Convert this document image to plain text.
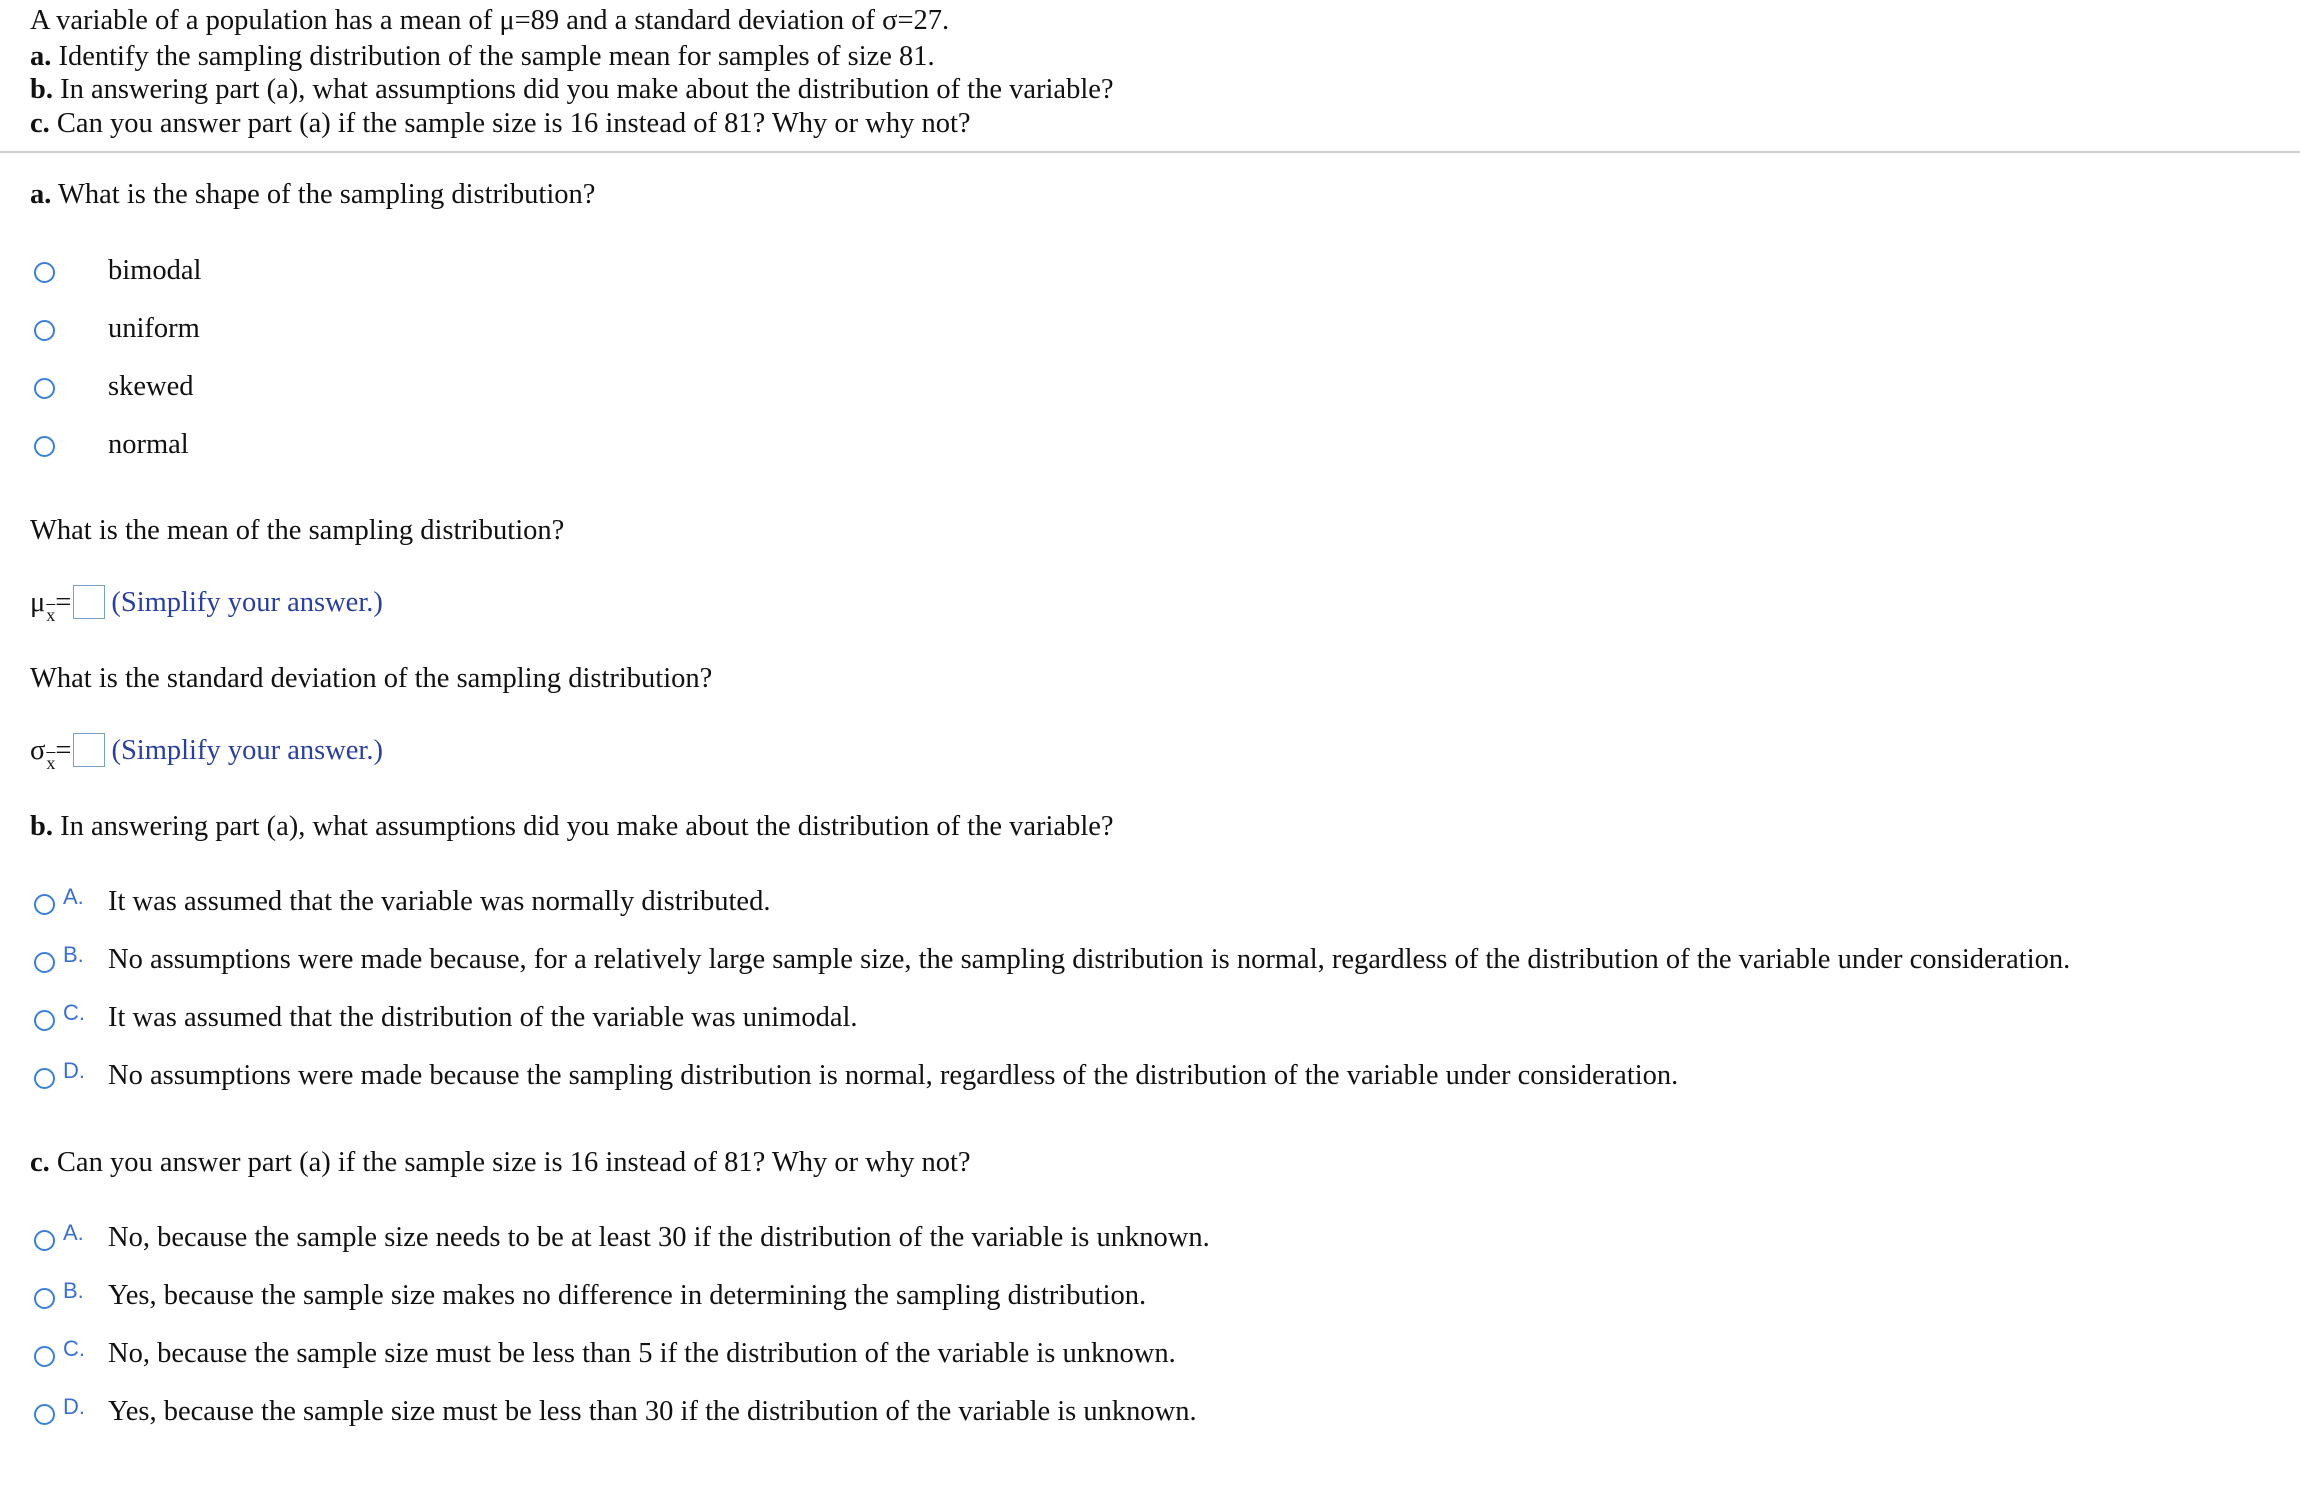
A variable of a population has a mean of μ=89 and a standard deviation of σ=27.
a. Identify the sampling distribution of the sample mean for samples of size 81.
b. In answering part (a), what assumptions did you make about the distribution of the variable?
c. Can you answer part (a) if the sample size is 16 instead of 81? Why or why not?
a. What is the shape of the sampling distribution?
bimodal
uniform
skewed
normal
What is the mean of the sampling distribution?
$\mu\overline{x}=$ (Simplify your answer.)
What is the standard deviation of the sampling distribution?
$\sigma\overline{x}=$ (Simplify your answer.)
b. In answering part (a), what assumptions did you make about the distribution of the variable?
A. It was assumed that the variable was normally distributed.
B. No assumptions were made because, for a relatively large sample size, the sampling distribution is normal, regardless of the distribution of the variable under consideration.
C. It was assumed that the distribution of the variable was unimodal.
D. No assumptions were made because the sampling distribution is normal, regardless of the distribution of the variable under consideration.
c. Can you answer part (a) if the sample size is 16 instead of 81? Why or why not?
A. No, because the sample size needs to be at least 30 if the distribution of the variable is unknown.
B. Yes, because the sample size makes no difference in determining the sampling distribution.
C. No, because the sample size must be less than 5 if the distribution of the variable is unknown.
D. Yes, because the sample size must be less than 30 if the distribution of the variable is unknown.
